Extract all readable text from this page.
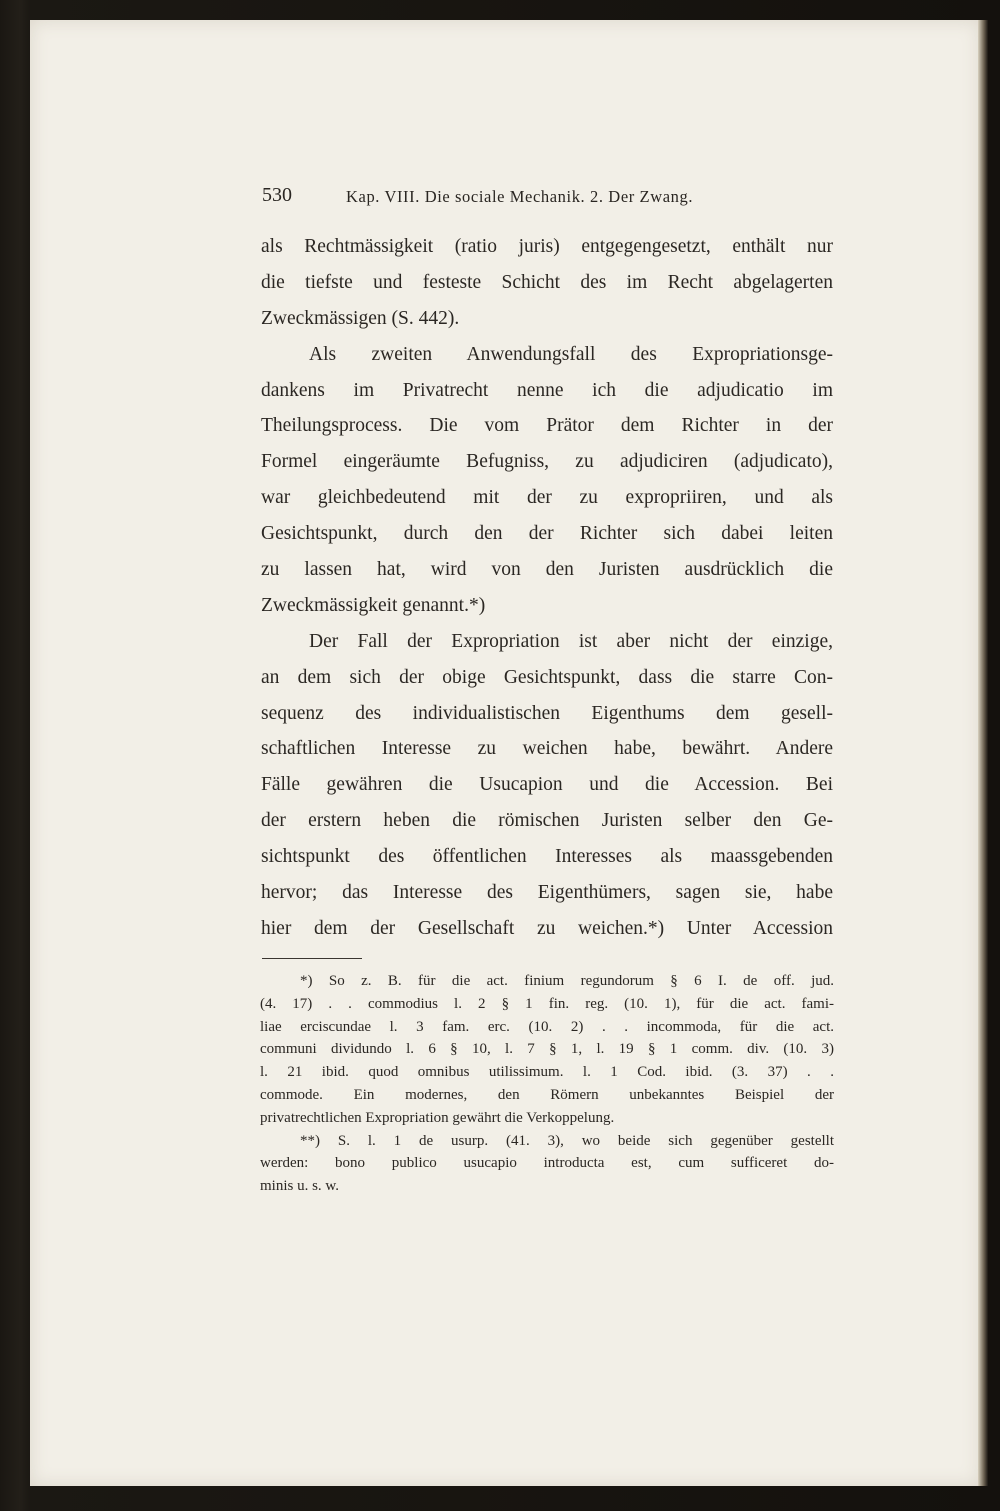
530	Kap. VIII. Die sociale Mechanik. 2. Der Zwang.
als Rechtmässigkeit (ratio juris) entgegengesetzt, enthält nur
die tiefste und festeste Schicht des im Recht abgelagerten
Zweckmässigen (S. 442).
Als zweiten Anwendungsfall des Expropriationsge-
dankens im Privatrecht nenne ich die adjudicatio im
Theilungsprocess. Die vom Prätor dem Richter in der
Formel eingeräumte Befugniss, zu adjudiciren (adjudicato),
war gleichbedeutend mit der zu expropriiren, und als
Gesichtspunkt, durch den der Richter sich dabei leiten
zu lassen hat, wird von den Juristen ausdrücklich die
Zweckmässigkeit genannt.*)
Der Fall der Expropriation ist aber nicht der einzige,
an dem sich der obige Gesichtspunkt, dass die starre Con-
sequenz des individualistischen Eigenthums dem gesell-
schaftlichen Interesse zu weichen habe, bewährt. Andere
Fälle gewähren die Usucapion und die Accession. Bei
der erstern heben die römischen Juristen selber den Ge-
sichtspunkt des öffentlichen Interesses als maassgebenden
hervor; das Interesse des Eigenthümers, sagen sie, habe
hier dem der Gesellschaft zu weichen.*) Unter Accession
*) So z. B. für die act. finium regundorum § 6 I. de off. jud.
(4. 17) . . commodius l. 2 § 1 fin. reg. (10. 1), für die act. fami-
liae erciscundae l. 3 fam. erc. (10. 2) . . incommoda, für die act.
communi dividundo l. 6 § 10, l. 7 § 1, l. 19 § 1 comm. div. (10. 3)
l. 21 ibid. quod omnibus utilissimum. l. 1 Cod. ibid. (3. 37) . .
commode. Ein modernes, den Römern unbekanntes Beispiel der
privatrechtlichen Expropriation gewährt die Verkoppelung.
**) S. l. 1 de usurp. (41. 3), wo beide sich gegenüber gestellt
werden: bono publico usucapio introducta est, cum sufficeret do-
minis u. s. w.
